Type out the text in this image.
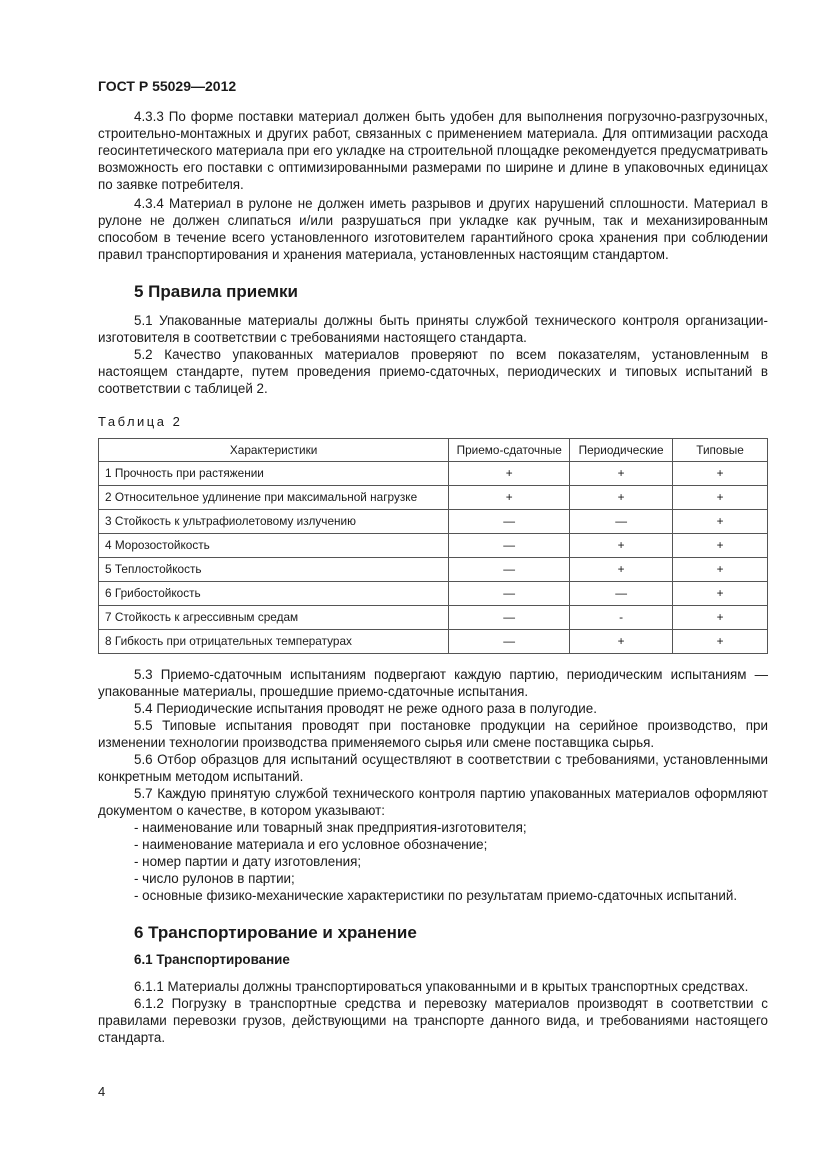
ГОСТ Р 55029—2012

4.3.3 По форме поставки материал должен быть удобен для выполнения погрузочно-разгрузочных, строительно-монтажных и других работ, связанных с применением материала. Для оптимизации расхода геосинтетического материала при его укладке на строительной площадке рекомендуется предусматривать возможность его поставки с оптимизированными размерами по ширине и длине в упаковочных единицах по заявке потребителя.

4.3.4 Материал в рулоне не должен иметь разрывов и других нарушений сплошности. Материал в рулоне не должен слипаться и/или разрушаться при укладке как ручным, так и механизированным способом в течение всего установленного изготовителем гарантийного срока хранения при соблюдении правил транспортирования и хранения материала, установленных настоящим стандартом.

5 Правила приемки

5.1 Упакованные материалы должны быть приняты службой технического контроля организации-изготовителя в соответствии с требованиями настоящего стандарта.

5.2 Качество упакованных материалов проверяют по всем показателям, установленным в настоящем стандарте, путем проведения приемо-сдаточных, периодических и типовых испытаний в соответствии с таблицей 2.

Таблица 2

Характеристики	Приемо-сдаточные	Периодические	Типовые
1 Прочность при растяжении	+	+	+
2 Относительное удлинение при максимальной нагрузке	+	+	+
3 Стойкость к ультрафиолетовому излучению	—	—	+
4 Морозостойкость	—	+	+
5 Теплостойкость	—	+	+
6 Грибостойкость	—	—	+
7 Стойкость к агрессивным средам	—	-	+
8 Гибкость при отрицательных температурах	—	+	+

5.3 Приемо-сдаточным испытаниям подвергают каждую партию, периодическим испытаниям — упакованные материалы, прошедшие приемо-сдаточные испытания.

5.4 Периодические испытания проводят не реже одного раза в полугодие.

5.5 Типовые испытания проводят при постановке продукции на серийное производство, при изменении технологии производства применяемого сырья или смене поставщика сырья.

5.6 Отбор образцов для испытаний осуществляют в соответствии с требованиями, установленными конкретным методом испытаний.

5.7 Каждую принятую службой технического контроля партию упакованных материалов оформляют документом о качестве, в котором указывают:

- наименование или товарный знак предприятия-изготовителя;
- наименование материала и его условное обозначение;
- номер партии и дату изготовления;
- число рулонов в партии;
- основные физико-механические характеристики по результатам приемо-сдаточных испытаний.
6 Транспортирование и хранение
6.1 Транспортирование

6.1.1 Материалы должны транспортироваться упакованными и в крытых транспортных средствах.

6.1.2 Погрузку в транспортные средства и перевозку материалов производят в соответствии с правилами перевозки грузов, действующими на транспорте данного вида, и требованиями настоящего стандарта.

4
